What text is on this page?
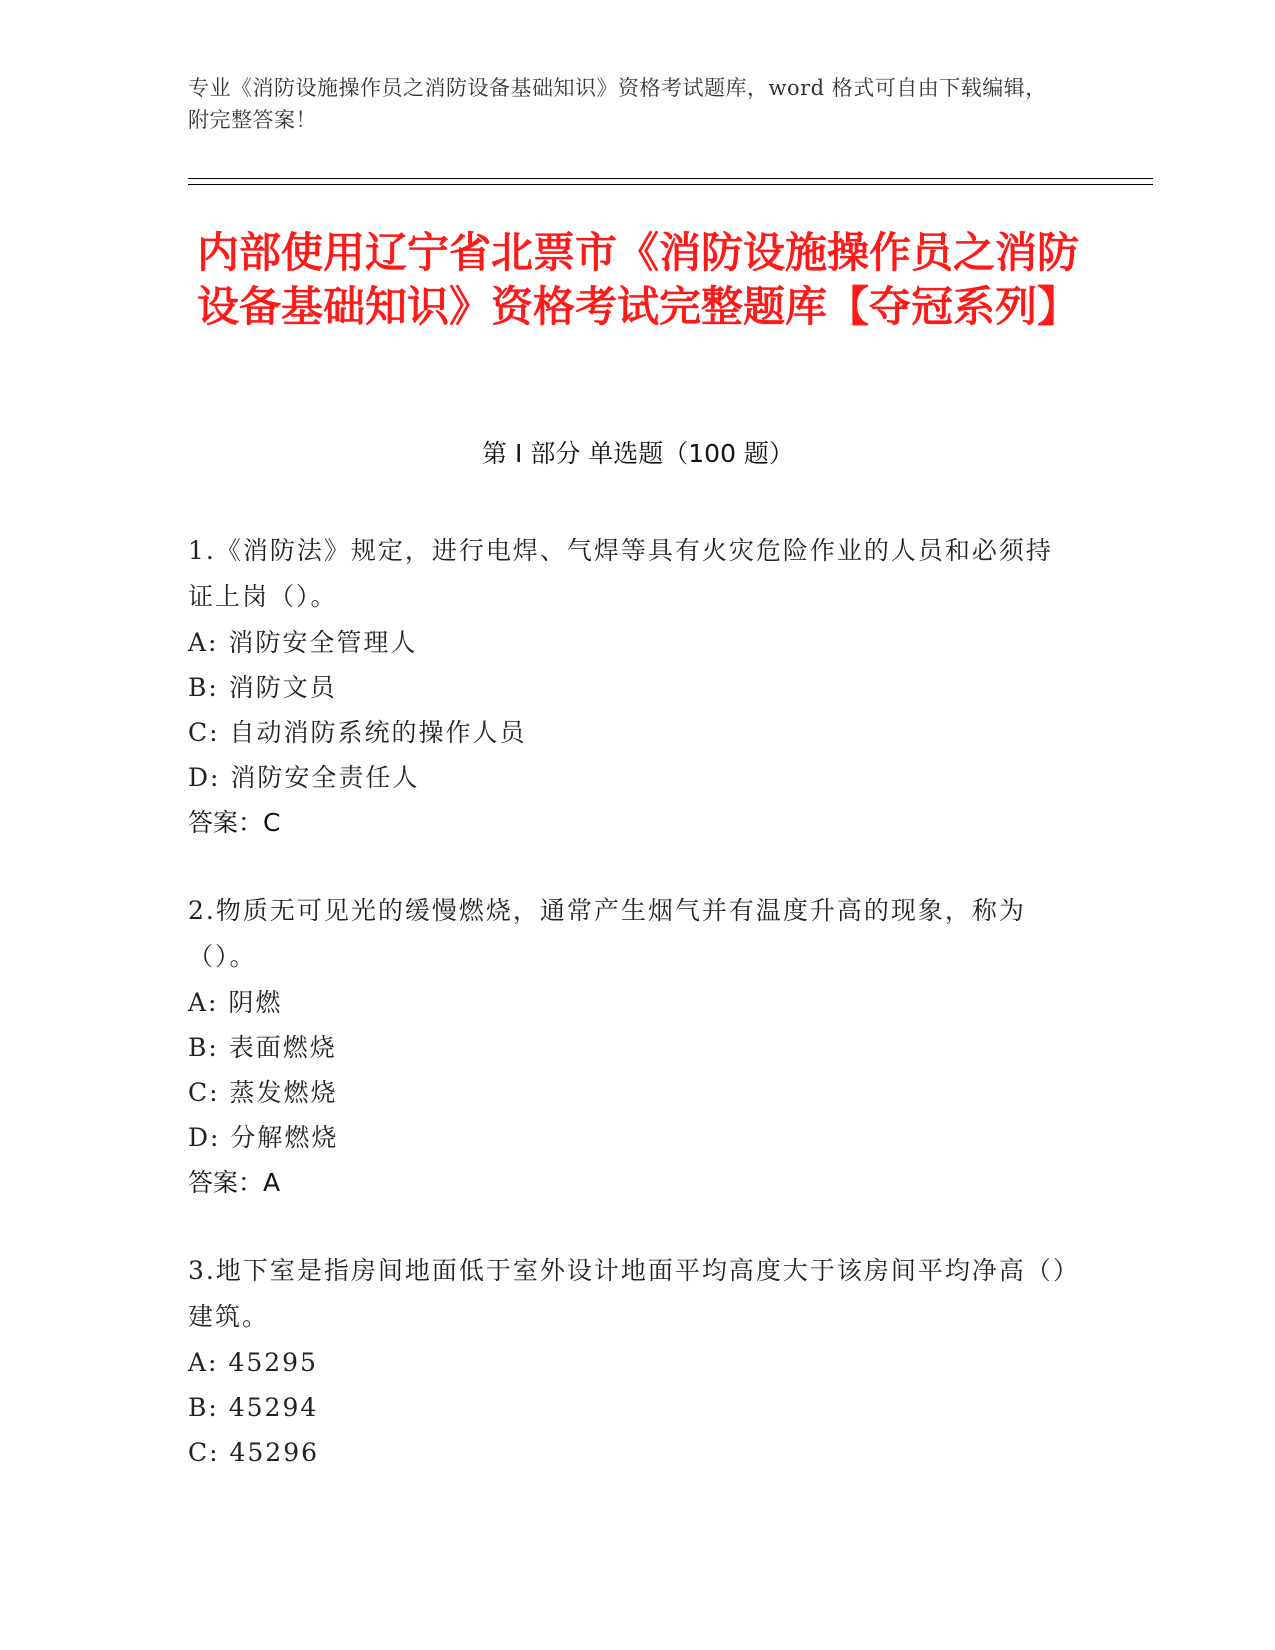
专业《消防设施操作员之消防设备基础知识》资格考试题库，word 格式可自由下载编辑，附完整答案！
内部使用辽宁省北票市《消防设施操作员之消防设备基础知识》资格考试完整题库【夺冠系列】
第 I 部分 单选题（100 题）
1.《消防法》规定，进行电焊、气焊等具有火灾危险作业的人员和必须持证上岗（）。
A: 消防安全管理人
B: 消防文员
C: 自动消防系统的操作人员
D: 消防安全责任人
答案：C
2.物质无可见光的缓慢燃烧，通常产生烟气并有温度升高的现象，称为（）。
A: 阴燃
B: 表面燃烧
C: 蒸发燃烧
D: 分解燃烧
答案：A
3.地下室是指房间地面低于室外设计地面平均高度大于该房间平均净高（）建筑。
A: 45295
B: 45294
C: 45296
